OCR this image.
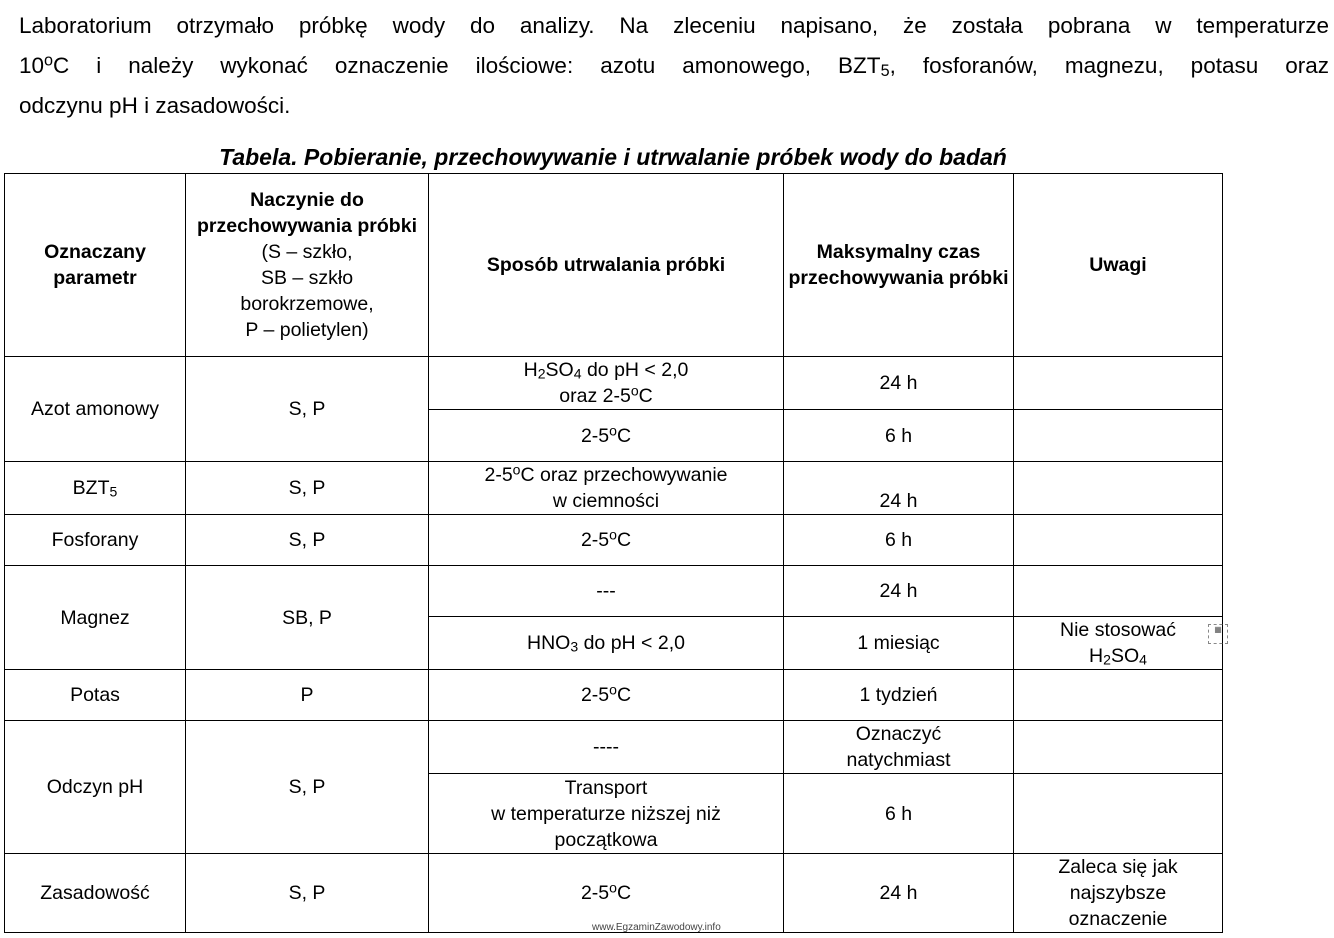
Laboratorium otrzymało próbkę wody do analizy. Na zleceniu napisano, że została pobrana w temperaturze
10$^o$C i należy wykonać oznaczenie ilościowe: azotu amonowego, $BZT_5$, fosforanów, magnezu, potasu oraz
odczynu pH i zasadowości.
Tabela. Pobieranie, przechowywanie i utrwalanie próbek wody do badań
Oznaczany parametr	Naczynie do przechowywania próbki
(S – szkło,
SB – szkło
borokrzemowe,
P – polietylen)	Sposób utrwalania próbki	Maksymalny czas przechowywania próbki	Uwagi
Azot amonowy	S, P	$H_2SO_4$ do pH < 2,0
oraz 2-5$^o$C	24 h	
		2-5$^o$C	6 h	
$BZT_5$	S, P	2-5$^o$C oraz przechowywanie
w ciemności	24 h	
Fosforany	S, P	2-5$^o$C	6 h	
Magnez	SB, P	---	24 h	
		$HNO_3$ do pH < 2,0	1 miesiąc	Nie stosować
$H_2SO_4$
Potas	P	2-5$^o$C	1 tydzień	
Odczyn pH	S, P	----	Oznaczyć
natychmiast	
		Transport
w temperaturze niższej niż
początkowa	6 h	
Zasadowość	S, P	2-5$^o$C	24 h	Zaleca się jak
najszybsze
oznaczenie
▦
www.EgzaminZawodowy.info
